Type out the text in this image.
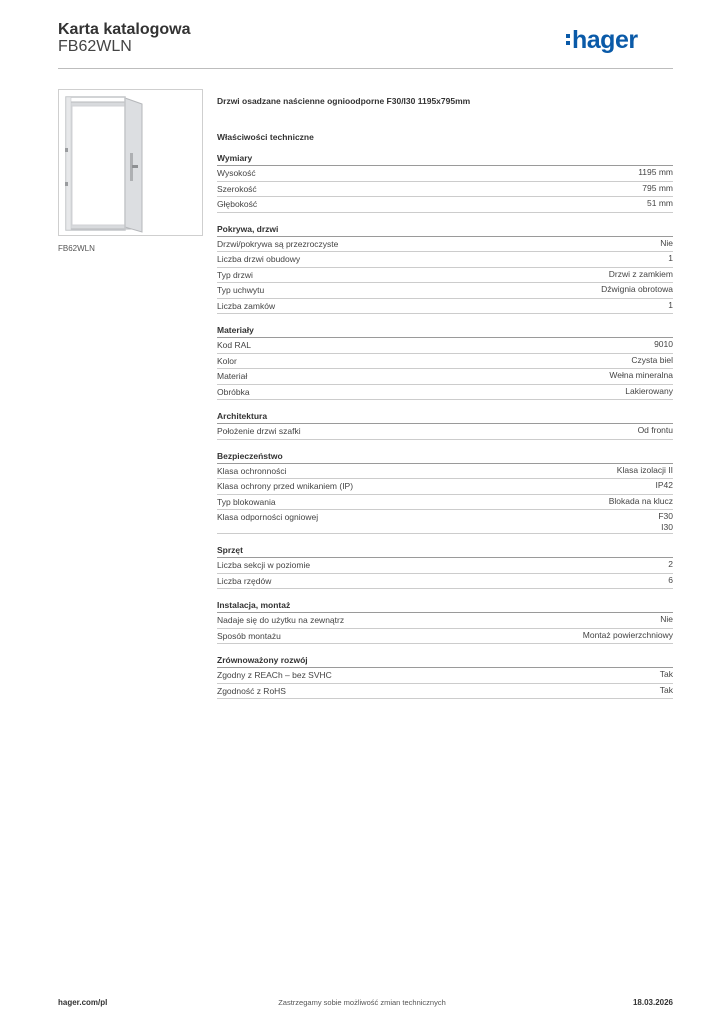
Karta katalogowa
FB62WLN	hager
FB62WLN
Drzwi osadzane naścienne ognioodporne F30/I30 1195x795mm
Właściwości techniczne
Wymiary
Wysokość	1195 mm
Szerokość	795 mm
Głębokość	51 mm
Pokrywa, drzwi
Drzwi/pokrywa są przezroczyste	Nie
Liczba drzwi obudowy	1
Typ drzwi	Drzwi z zamkiem
Typ uchwytu	Dźwignia obrotowa
Liczba zamków	1
Materiały
Kod RAL	9010
Kolor	Czysta biel
Materiał	Wełna mineralna
Obróbka	Lakierowany
Architektura
Położenie drzwi szafki	Od frontu
Bezpieczeństwo
Klasa ochronności	Klasa izolacji II
Klasa ochrony przed wnikaniem (IP)	IP42
Typ blokowania	Blokada na klucz
Klasa odporności ogniowej	F30
I30
Sprzęt
Liczba sekcji w poziomie	2
Liczba rzędów	6
Instalacja, montaż
Nadaje się do użytku na zewnątrz	Nie
Sposób montażu	Montaż powierzchniowy
Zrównoważony rozwój
Zgodny z REACh – bez SVHC	Tak
Zgodność z RoHS	Tak
hager.com/pl	Zastrzegamy sobie możliwość zmian technicznych	18.03.2026
